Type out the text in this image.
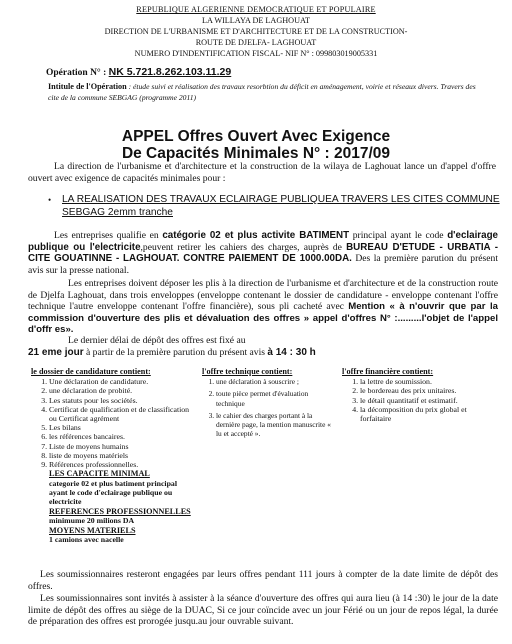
REPUBLIQUE ALGERIENNE DEMOCRATIQUE ET POPULAIRE
LA WILLAYA DE LAGHOUAT
DIRECTION DE L'URBANISME ET D'ARCHITECTURE ET DE LA CONSTRUCTION-
ROUTE DE DJELFA- LAGHOUAT
NUMERO D'INDENTIFICATION FISCAL- NIF N° : 099803019005331
Opération N° : NK 5.721.8.262.103.11.29
Intitule de l'Opération : étude suivi et réalisation des travaux resorbtion du déficit en aménagement, voirie et réseaux divers. Travers des cite de la commune SEBGAG (programme 2011)
APPEL Offres Ouvert Avec Exigence
De Capacités Minimales N° : 2017/09
La direction de l'urbanisme et d'architecture et la construction de la wilaya de Laghouat lance un d'appel d'offre ouvert avec exigence de capacités minimales pour :
• LA REALISATION DES TRAVAUX ECLAIRAGE PUBLIQUEA TRAVERS LES CITES COMMUNE SEBGAG 2emm tranche
Les entreprises qualifie en catégorie 02 et plus activite BATIMENT principal ayant le code d'eclairage publique ou l'electricite,peuvent retirer les cahiers des charges, auprès de BUREAU D'ETUDE - URBATIA - CITE GOUATINNE - LAGHOUAT. CONTRE PAIEMENT DE 1000.00DA. Des la première parution du présent avis sur la presse national.
Les entreprises doivent déposer les plis à la direction de l'urbanisme et d'architecture et de la construction route de Djelfa Laghouat, dans trois enveloppes (enveloppe contenant le dossier de candidature - enveloppe contenant l'offre technique l'autre enveloppe contenant l'offre financière), sous pli cacheté avec Mention « à n'ouvrir que par la commission d'ouverture des plis et dévaluation des offres » appel d'offres N° :.........l'objet de l'appel d'offr es».
Le dernier délai de dépôt des offres est fixé au
21 eme jour à partir de la première parution du présent avis à 14 : 30 h
le dossier de candidature contient:
1. Une déclaration de candidature.
2. une déclaration de probité.
3. Les statuts pour les sociétés.
4. Certificat de qualification et de classification ou Certificat agrément
5. Les bilans
6. les références bancaires.
7. Liste de moyens humains
8. liste de moyens matériels
9. Références professionnelles.
LES CAPACITE MINIMAL
categorie 02 et plus batiment principal ayant le code d'eclairage publique ou electricite
REFERENCES PROFESSIONNELLES minimume 20 milions DA
MOYENS MATERIELS
1 camions avec nacelle
l'offre technique contient:
1. une déclaration à souscrire ;
2. toute pièce permet d'évaluation technique
3. le cahier des charges portant à la dernière page, la mention manuscrite « lu et accepté ».
l'offre financière contient:
1. la lettre de soumission.
2. le bordereau des prix unitaires.
3. le détail quantitatif et estimatif.
4. la décomposition du prix global et forfaitaire
Les soumissionnaires resteront engagées par leurs offres pendant 111 jours à compter de la date limite de dépôt des offres.
Les soumissionnaires sont invités à assister à la séance d'ouverture des offres qui aura lieu (à 14 :30) le jour de la date limite de dépôt des offres au siège de la DUAC, Si ce jour coïncide avec un jour Férié ou un jour de repos légal, la durée de préparation des offres est prorogée jusqu.au jour ouvrable suivant.
